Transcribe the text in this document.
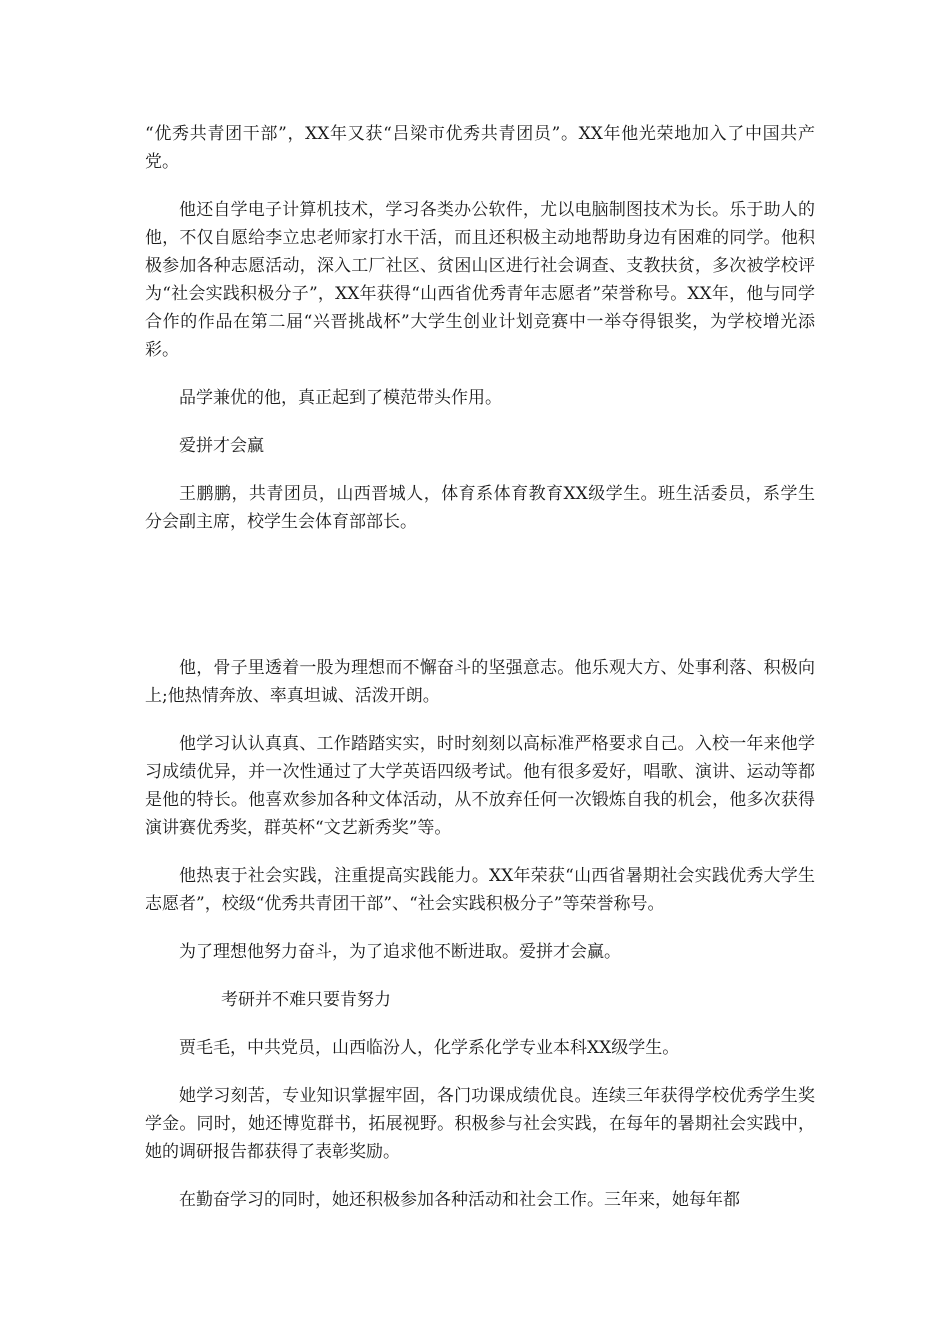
“优秀共青团干部”，XX年又获“吕梁市优秀共青团员”。XX年他光荣地加入了中国共产党。

他还自学电子计算机技术，学习各类办公软件，尤以电脑制图技术为长。乐于助人的他，不仅自愿给李立忠老师家打水干活，而且还积极主动地帮助身边有困难的同学。他积极参加各种志愿活动，深入工厂社区、贫困山区进行社会调查、支教扶贫，多次被学校评为“社会实践积极分子”，XX年获得“山西省优秀青年志愿者”荣誉称号。XX年，他与同学合作的作品在第二届“兴晋挑战杯”大学生创业计划竞赛中一举夺得银奖，为学校增光添彩。

品学兼优的他，真正起到了模范带头作用。

爱拼才会赢

王鹏鹏，共青团员，山西晋城人，体育系体育教育XX级学生。班生活委员，系学生分会副主席，校学生会体育部部长。

他，骨子里透着一股为理想而不懈奋斗的坚强意志。他乐观大方、处事利落、积极向上;他热情奔放、率真坦诚、活泼开朗。

他学习认认真真、工作踏踏实实，时时刻刻以高标准严格要求自己。入校一年来他学习成绩优异，并一次性通过了大学英语四级考试。他有很多爱好，唱歌、演讲、运动等都是他的特长。他喜欢参加各种文体活动，从不放弃任何一次锻炼自我的机会，他多次获得演讲赛优秀奖，群英杯“文艺新秀奖”等。

他热衷于社会实践，注重提高实践能力。XX年荣获“山西省暑期社会实践优秀大学生志愿者”，校级“优秀共青团干部”、“社会实践积极分子”等荣誉称号。

为了理想他努力奋斗，为了追求他不断进取。爱拼才会赢。

考研并不难只要肯努力

贾毛毛，中共党员，山西临汾人，化学系化学专业本科XX级学生。

她学习刻苦，专业知识掌握牢固，各门功课成绩优良。连续三年获得学校优秀学生奖学金。同时，她还博览群书，拓展视野。积极参与社会实践，在每年的暑期社会实践中，她的调研报告都获得了表彰奖励。

在勤奋学习的同时，她还积极参加各种活动和社会工作。三年来，她每年都
